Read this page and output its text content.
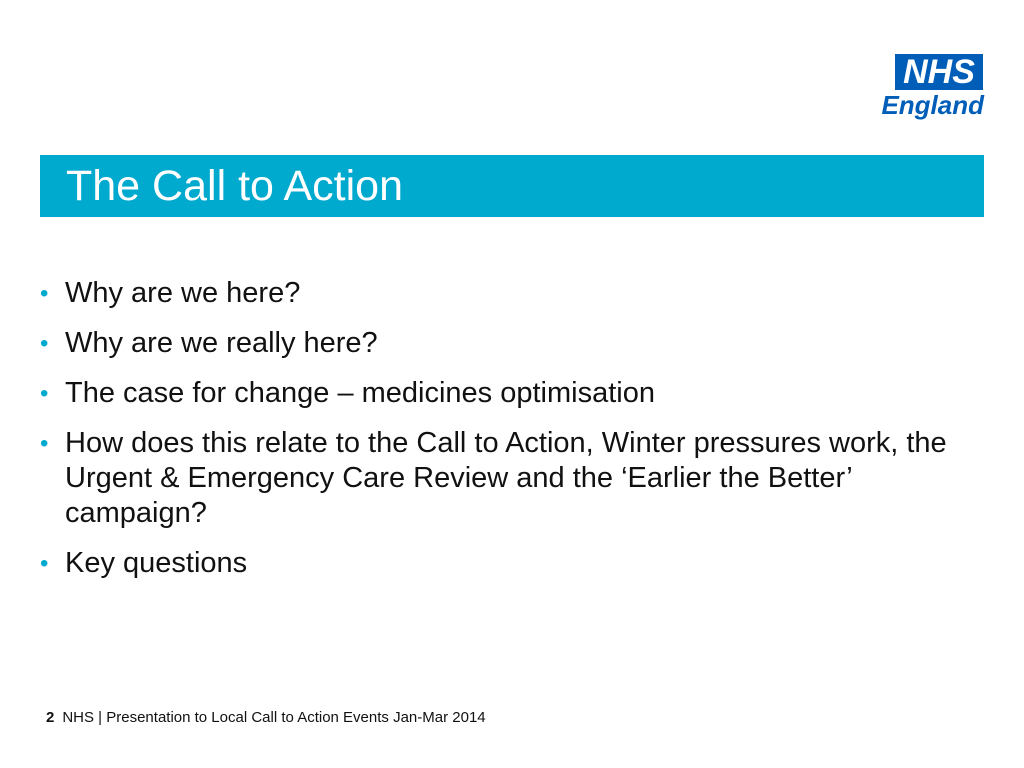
NHS
England
The Call to Action
• Why are we here?
• Why are we really here?
• The case for change – medicines optimisation
• How does this relate to the Call to Action, Winter pressures work, the Urgent & Emergency Care Review and the ‘Earlier the Better’ campaign?
• Key questions
2 NHS | Presentation to Local Call to Action Events Jan-Mar 2014
